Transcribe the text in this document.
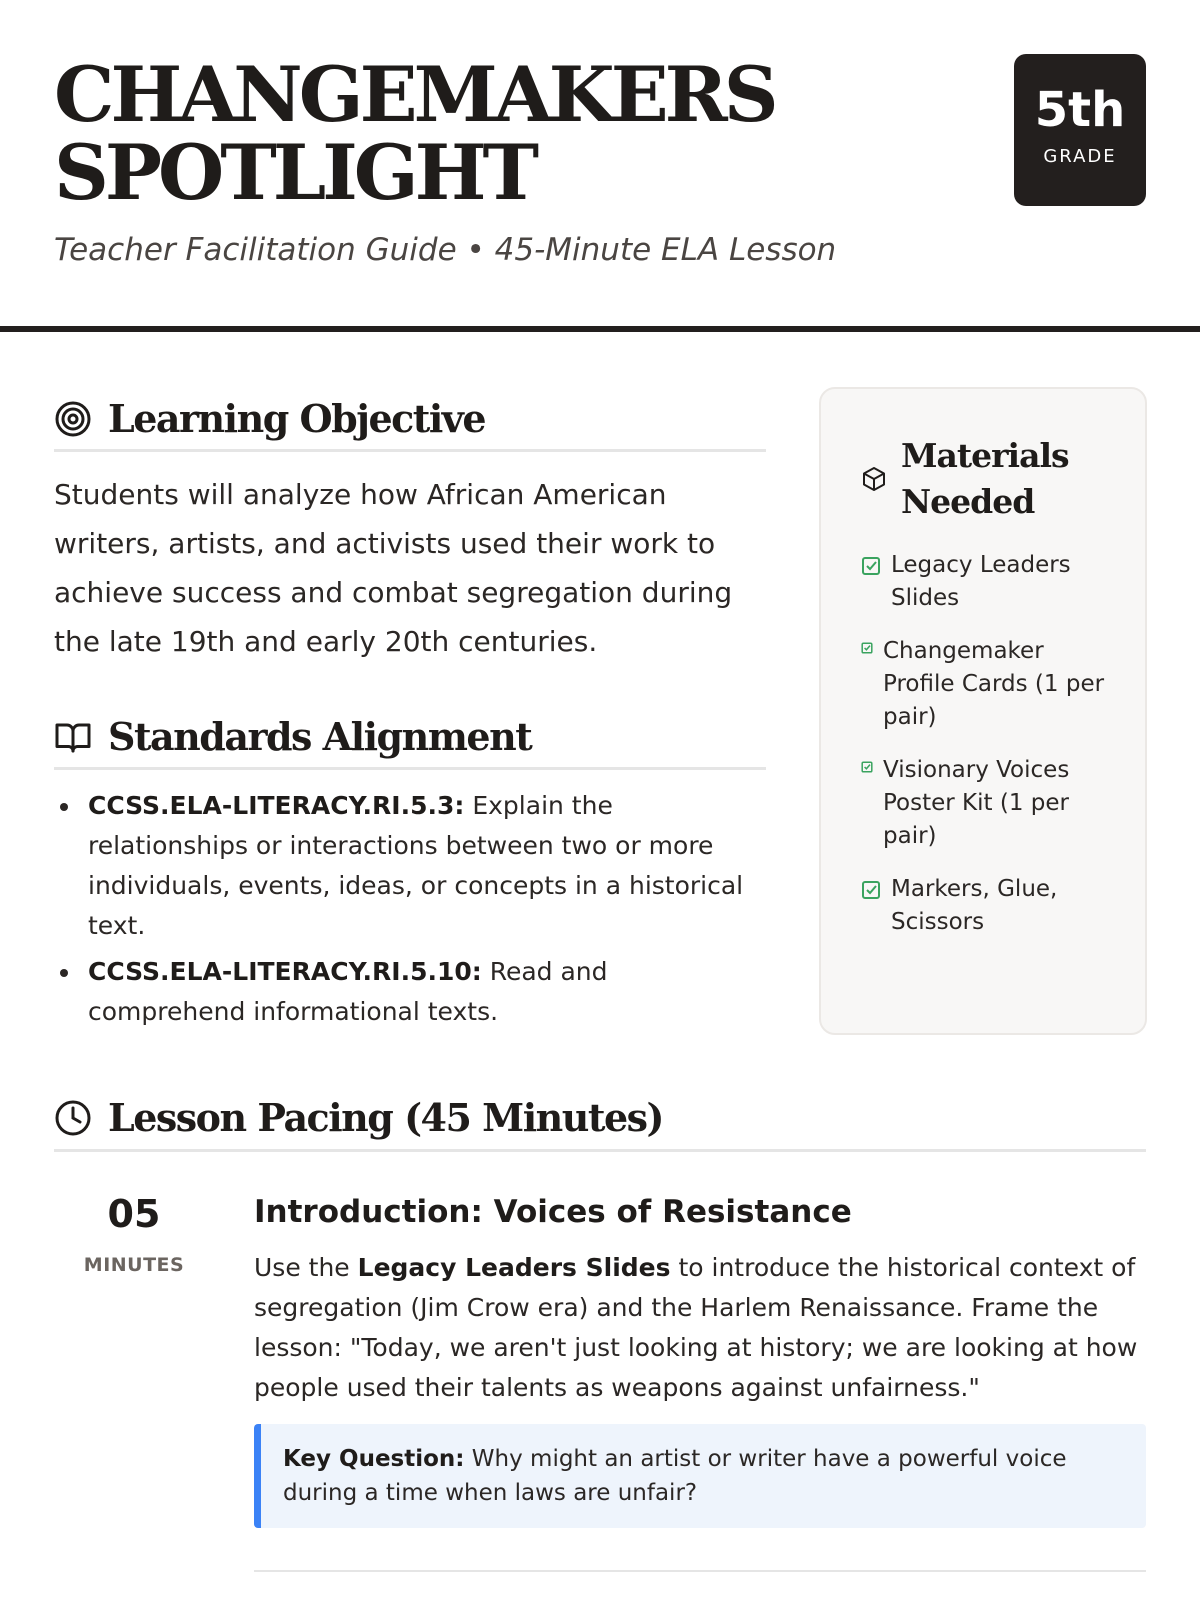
CHANGEMAKERS
SPOTLIGHT
Teacher Facilitation Guide • 45-Minute ELA Lesson
5th
GRADE
Learning Objective

Students will analyze how African American writers, artists, and activists used their work to achieve success and combat segregation during the late 19th and early 20th centuries.

Standards Alignment
CCSS.ELA-LITERACY.RI.5.3: Explain the relationships or interactions between two or more individuals, events, ideas, or concepts in a historical text.
CCSS.ELA-LITERACY.RI.5.10: Read and comprehend informational texts.
Materials Needed
Legacy Leaders Slides
Changemaker Profile Cards (1 per pair)
Visionary Voices Poster Kit (1 per pair)
Markers, Glue, Scissors
Lesson Pacing (45 Minutes)
05
MINUTES
Introduction: Voices of Resistance

Use the Legacy Leaders Slides to introduce the historical context of segregation (Jim Crow era) and the Harlem Renaissance. Frame the lesson: "Today, we aren't just looking at history; we are looking at how people used their talents as weapons against unfairness."

Key Question: Why might an artist or writer have a powerful voice during a time when laws are unfair?
